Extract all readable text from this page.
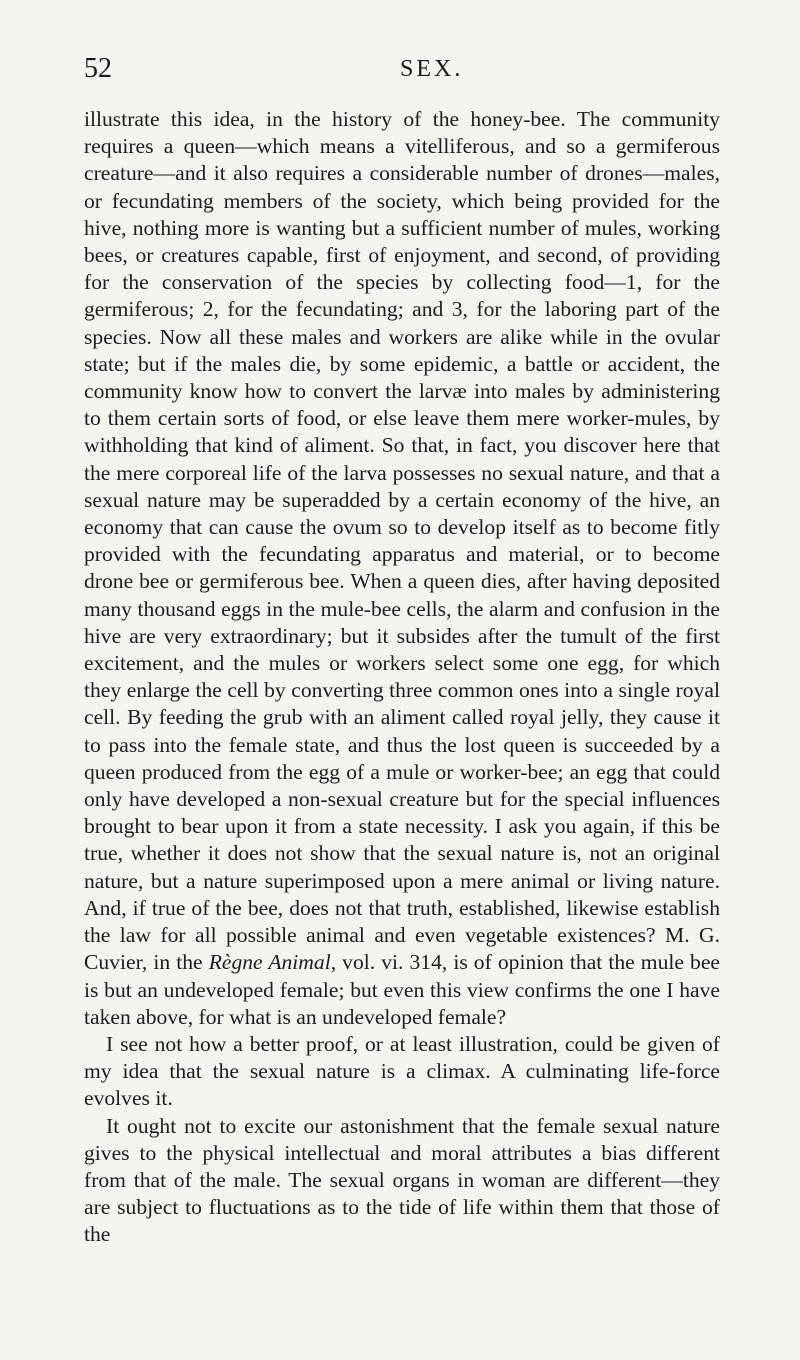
52	SEX.

illustrate this idea, in the history of the honey-bee. The community requires a queen—which means a vitelliferous, and so a germiferous creature—and it also requires a considerable number of drones—males, or fecundating members of the society, which being provided for the hive, nothing more is wanting but a sufficient number of mules, working bees, or creatures capable, first of enjoyment, and second, of providing for the conservation of the species by collecting food—1, for the germiferous; 2, for the fecundating; and 3, for the laboring part of the species. Now all these males and workers are alike while in the ovular state; but if the males die, by some epidemic, a battle or accident, the community know how to convert the larvæ into males by administering to them certain sorts of food, or else leave them mere worker-mules, by withholding that kind of aliment. So that, in fact, you discover here that the mere corporeal life of the larva possesses no sexual nature, and that a sexual nature may be superadded by a certain economy of the hive, an economy that can cause the ovum so to develop itself as to become fitly provided with the fecundating apparatus and material, or to become drone bee or germiferous bee. When a queen dies, after having deposited many thousand eggs in the mule-bee cells, the alarm and confusion in the hive are very extraordinary; but it subsides after the tumult of the first excitement, and the mules or workers select some one egg, for which they enlarge the cell by converting three common ones into a single royal cell. By feeding the grub with an aliment called royal jelly, they cause it to pass into the female state, and thus the lost queen is succeeded by a queen produced from the egg of a mule or worker-bee; an egg that could only have developed a non-sexual creature but for the special influences brought to bear upon it from a state necessity. I ask you again, if this be true, whether it does not show that the sexual nature is, not an original nature, but a nature superimposed upon a mere animal or living nature. And, if true of the bee, does not that truth, established, likewise establish the law for all possible animal and even vegetable existences? M. G. Cuvier, in the Règne Animal, vol. vi. 314, is of opinion that the mule bee is but an undeveloped female; but even this view confirms the one I have taken above, for what is an undeveloped female?

I see not how a better proof, or at least illustration, could be given of my idea that the sexual nature is a climax. A culminating life-force evolves it.

It ought not to excite our astonishment that the female sexual nature gives to the physical intellectual and moral attributes a bias different from that of the male. The sexual organs in woman are different—they are subject to fluctuations as to the tide of life within them that those of the
